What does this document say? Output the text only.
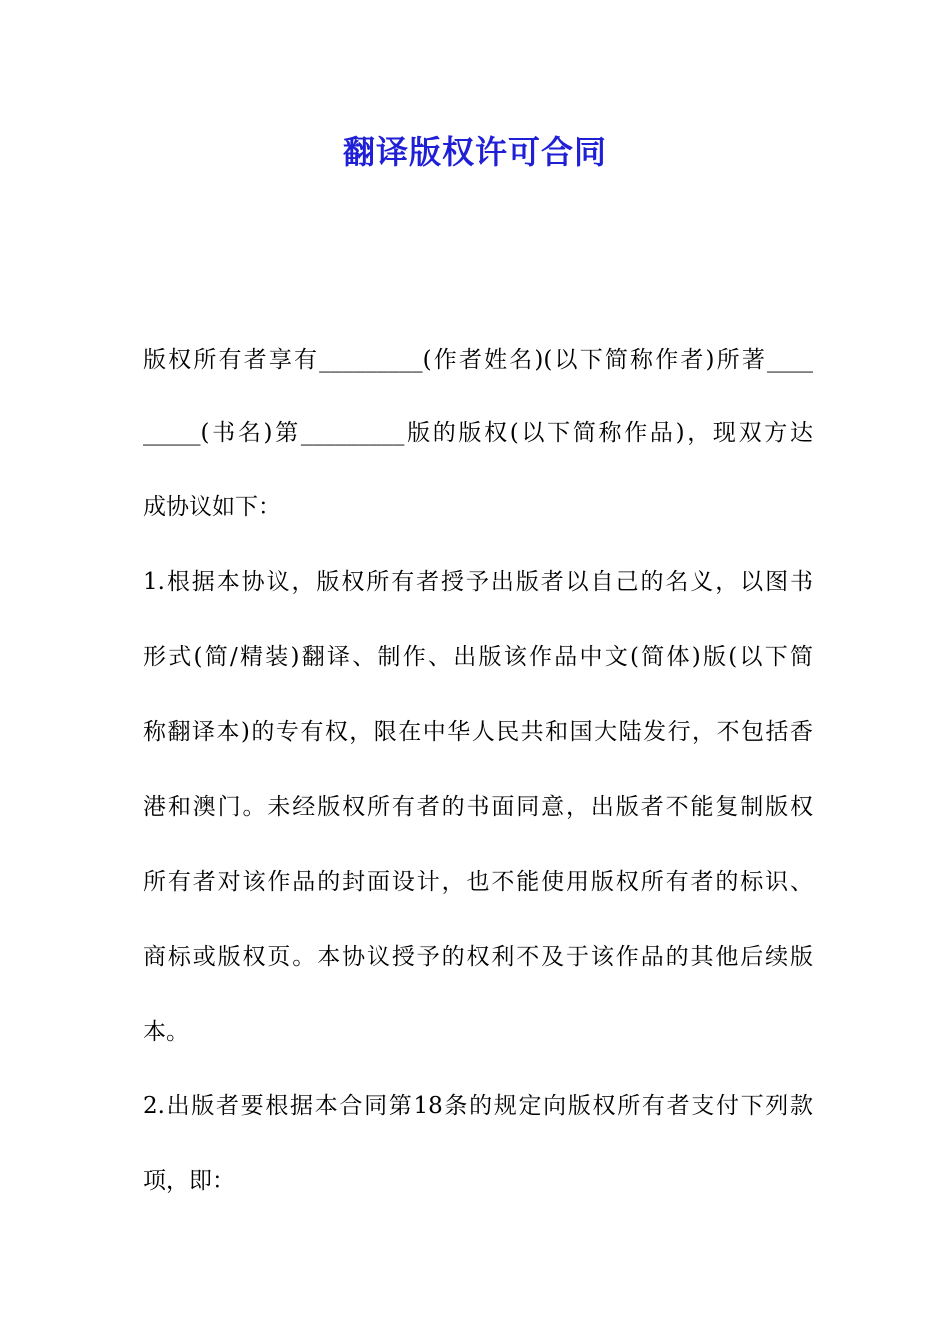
翻译版权许可合同
版权所有者享有_________(作者姓名)(以下简称作者)所著____
_____(书名)第_________版的版权(以下简称作品)，现双方达
成协议如下：
1.根据本协议，版权所有者授予出版者以自己的名义，以图书
形式(简/精装)翻译、制作、出版该作品中文(简体)版(以下简
称翻译本)的专有权，限在中华人民共和国大陆发行，不包括香
港和澳门。未经版权所有者的书面同意，出版者不能复制版权
所有者对该作品的封面设计，也不能使用版权所有者的标识、
商标或版权页。本协议授予的权利不及于该作品的其他后续版
本。
2.出版者要根据本合同第18条的规定向版权所有者支付下列款
项，即：
